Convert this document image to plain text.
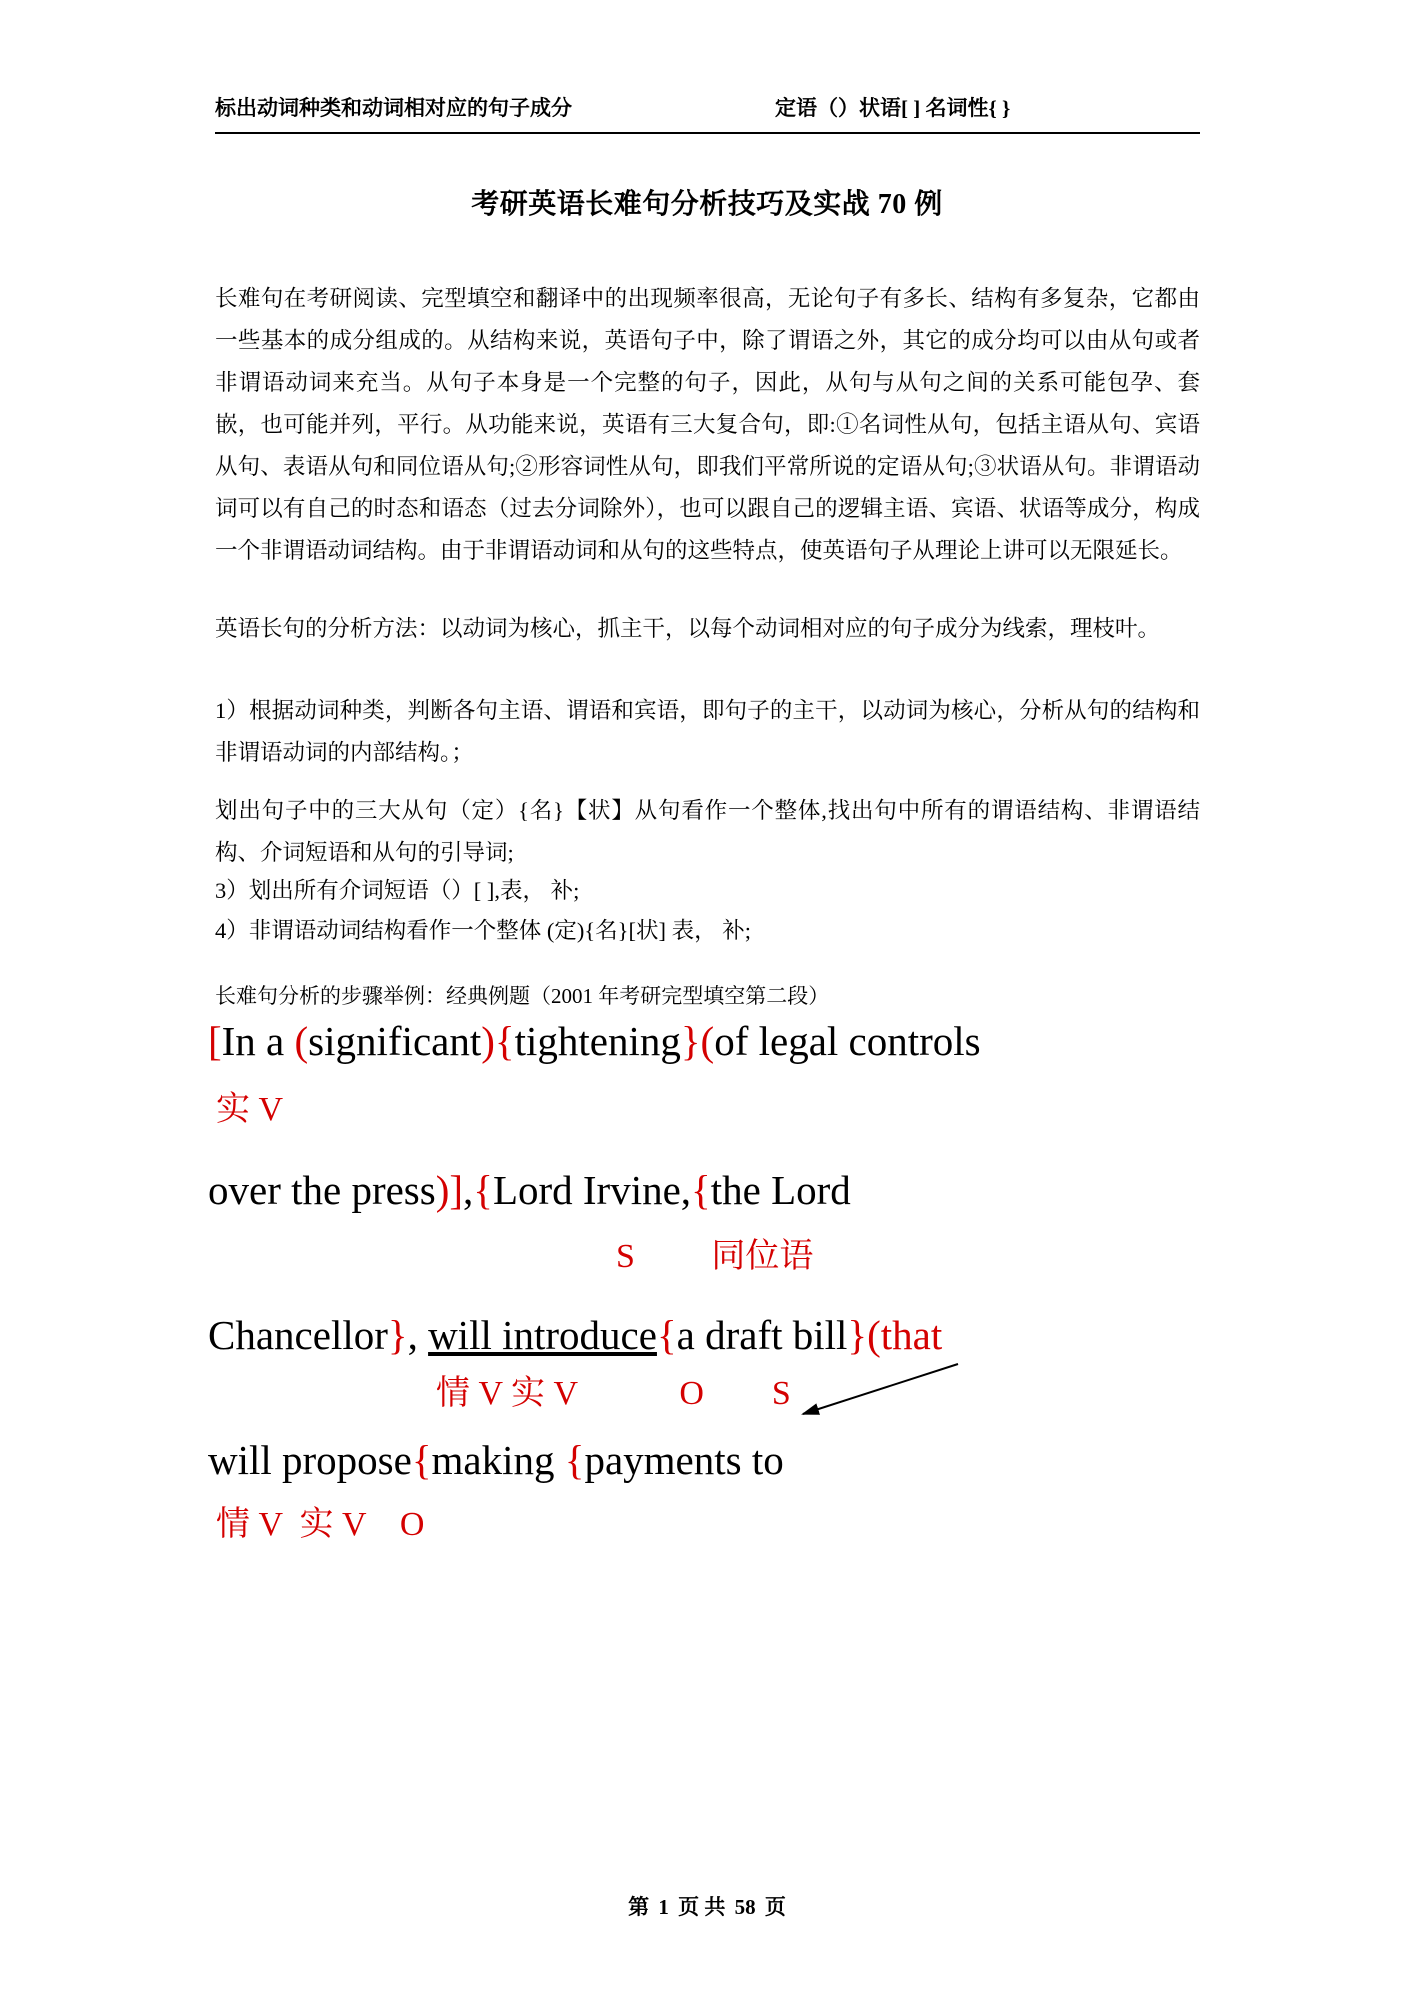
标出动词种类和动词相对应的句子成分	定语（）状语[ ] 名词性{ }
考研英语长难句分析技巧及实战 70 例
长难句在考研阅读、完型填空和翻译中的出现频率很高，无论句子有多长、结构有多复杂，它都由一些基本的成分组成的。从结构来说，英语句子中，除了谓语之外，其它的成分均可以由从句或者非谓语动词来充当。从句子本身是一个完整的句子，因此，从句与从句之间的关系可能包孕、套嵌，也可能并列，平行。从功能来说，英语有三大复合句，即:①名词性从句，包括主语从句、宾语从句、表语从句和同位语从句;②形容词性从句，即我们平常所说的定语从句;③状语从句。非谓语动词可以有自己的时态和语态（过去分词除外），也可以跟自己的逻辑主语、宾语、状语等成分，构成一个非谓语动词结构。由于非谓语动词和从句的这些特点，使英语句子从理论上讲可以无限延长。
英语长句的分析方法：以动词为核心，抓主干，以每个动词相对应的句子成分为线索，理枝叶。
1）根据动词种类，判断各句主语、谓语和宾语，即句子的主干，以动词为核心，分析从句的结构和非谓语动词的内部结构。；
划出句子中的三大从句（定）{名}【状】从句看作一个整体,找出句中所有的谓语结构、非谓语结构、介词短语和从句的引导词;
3）划出所有介词短语（）[ ],表， 补;
4）非谓语动词结构看作一个整体 (定){名}[状] 表， 补;
长难句分析的步骤举例：经典例题（2001 年考研完型填空第二段）
[In a (significant){tightening}(of legal controls
实 V
over the press)],{Lord Irvine,{the Lord
S         同位语
Chancellor}, will introduce{a draft bill}(that
情 V 实 V            O        S
will propose{making {payments to
情 V  实 V    O
第 1 页 共 58 页
